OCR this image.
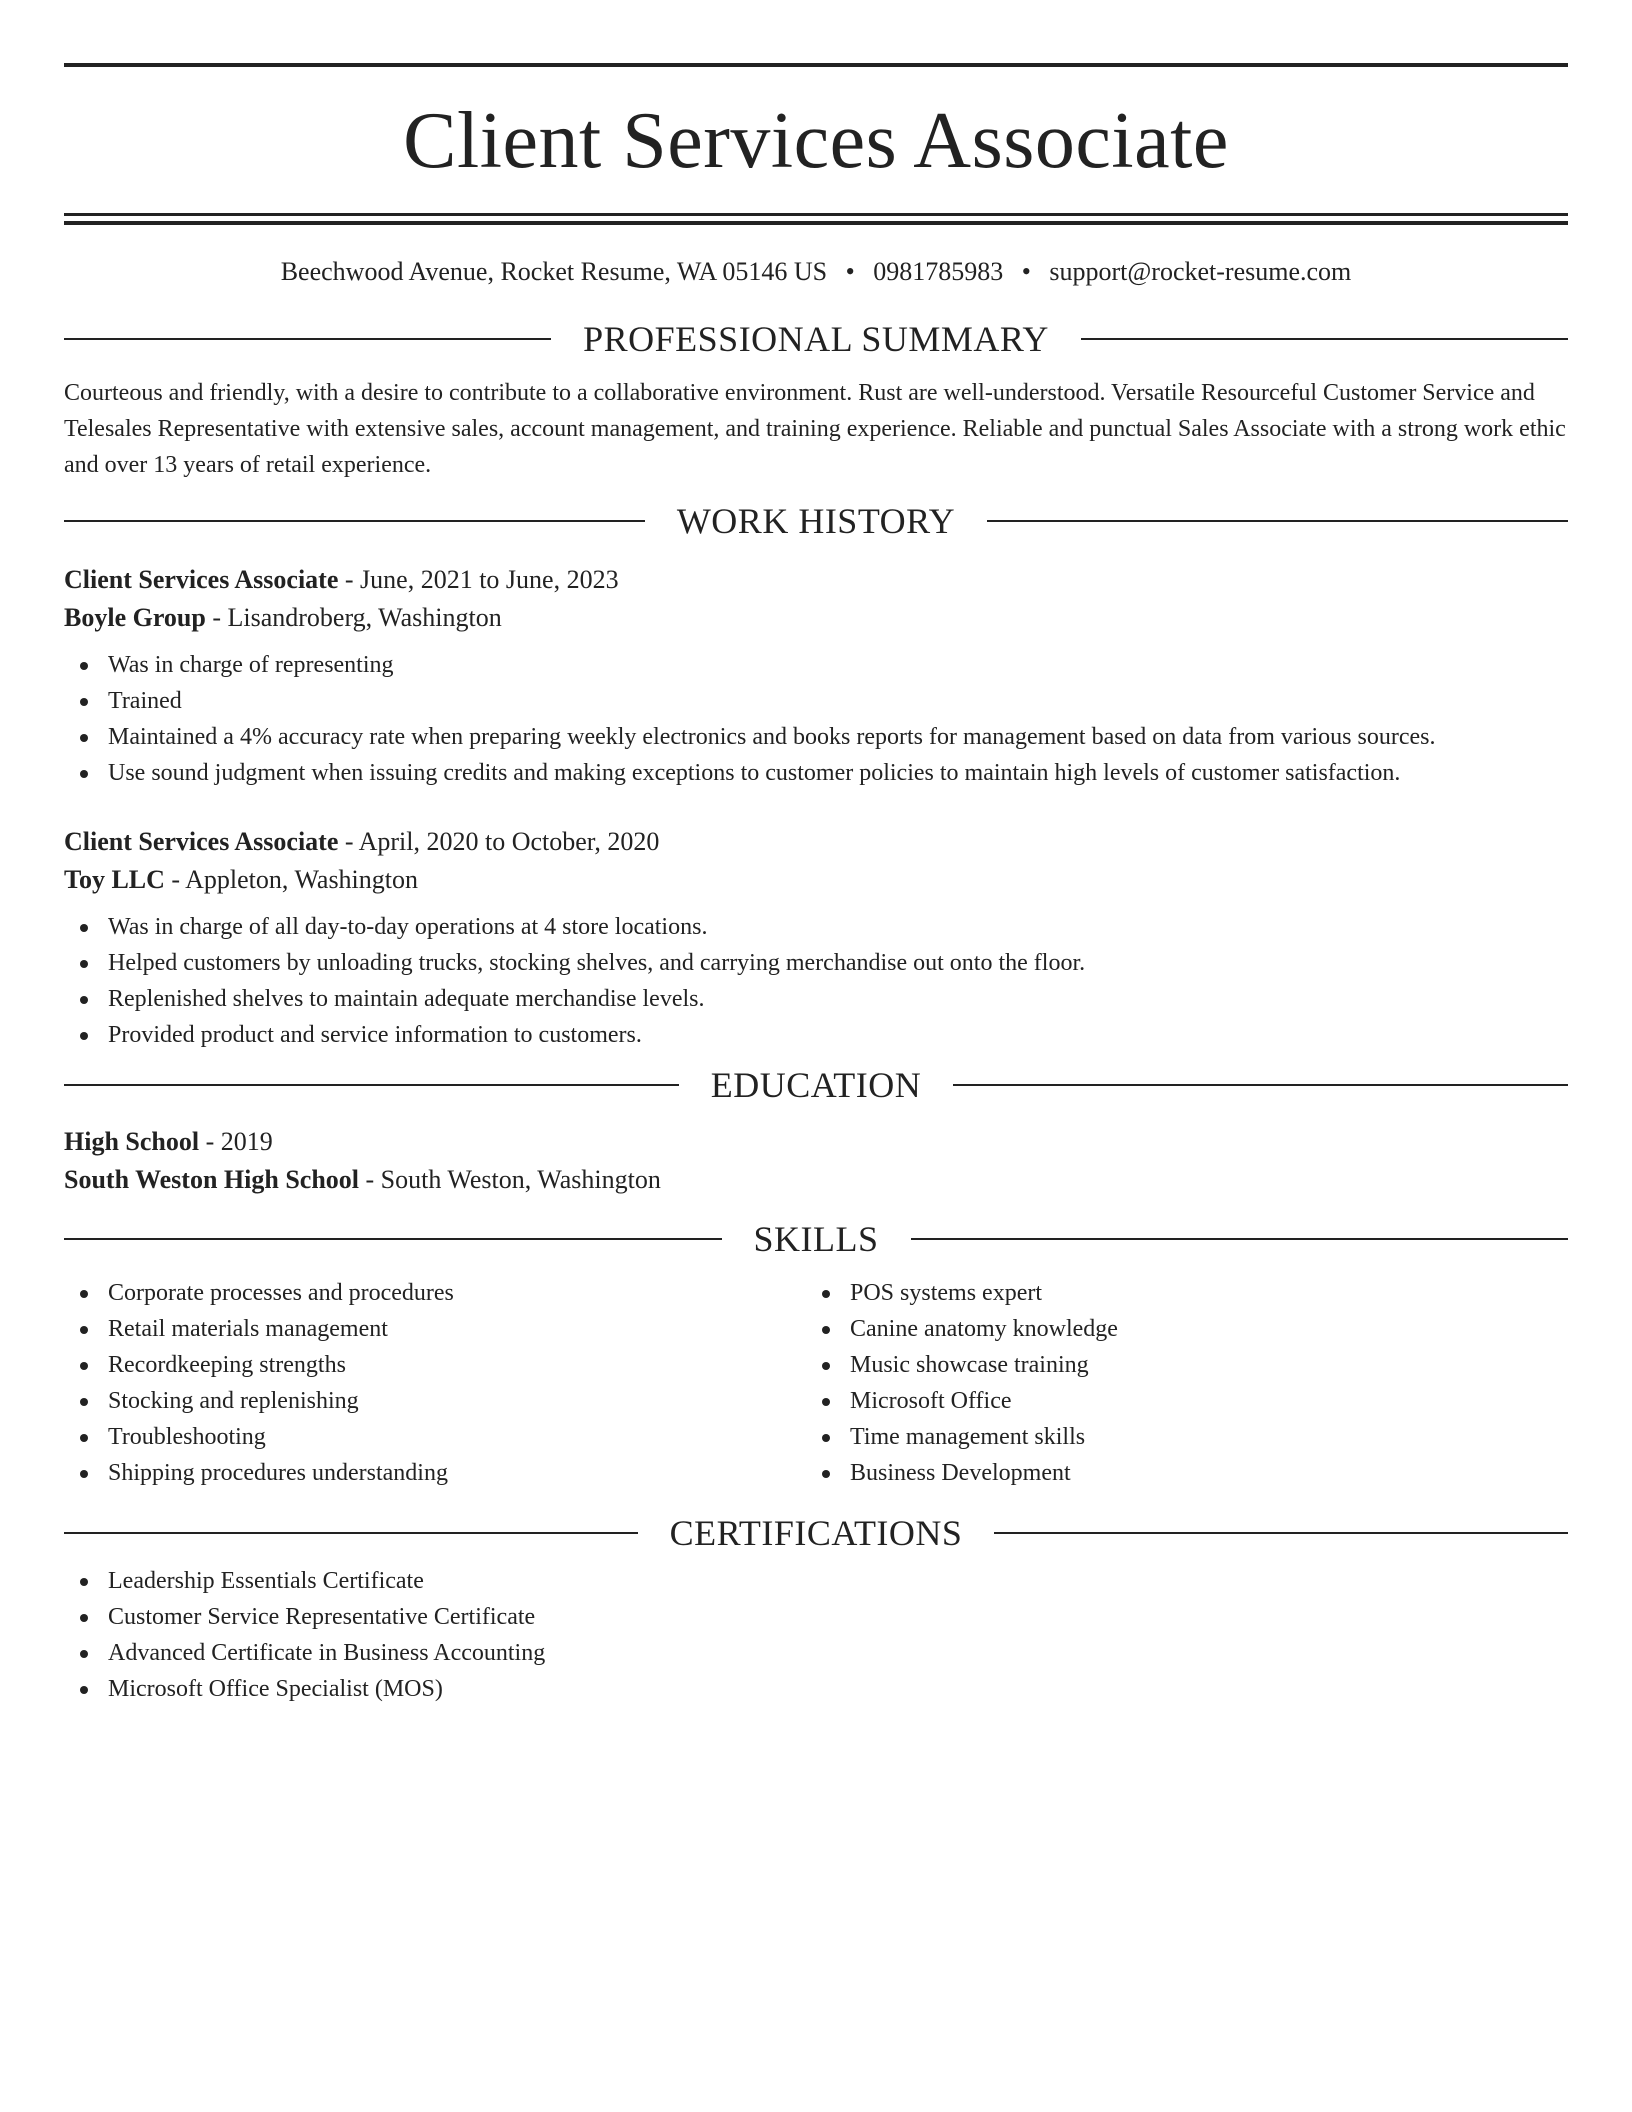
Client Services Associate
Beechwood Avenue, Rocket Resume, WA 05146 US • 0981785983 • support@rocket-resume.com
PROFESSIONAL SUMMARY
Courteous and friendly, with a desire to contribute to a collaborative environment. Rust are well-understood. Versatile Resourceful Customer Service and Telesales Representative with extensive sales, account management, and training experience. Reliable and punctual Sales Associate with a strong work ethic and over 13 years of retail experience.
WORK HISTORY
Client Services Associate - June, 2021 to June, 2023
Boyle Group - Lisandroberg, Washington
Was in charge of representing
Trained
Maintained a 4% accuracy rate when preparing weekly electronics and books reports for management based on data from various sources.
Use sound judgment when issuing credits and making exceptions to customer policies to maintain high levels of customer satisfaction.
Client Services Associate - April, 2020 to October, 2020
Toy LLC - Appleton, Washington
Was in charge of all day-to-day operations at 4 store locations.
Helped customers by unloading trucks, stocking shelves, and carrying merchandise out onto the floor.
Replenished shelves to maintain adequate merchandise levels.
Provided product and service information to customers.
EDUCATION
High School - 2019
South Weston High School - South Weston, Washington
SKILLS
Corporate processes and procedures
Retail materials management
Recordkeeping strengths
Stocking and replenishing
Troubleshooting
Shipping procedures understanding
POS systems expert
Canine anatomy knowledge
Music showcase training
Microsoft Office
Time management skills
Business Development
CERTIFICATIONS
Leadership Essentials Certificate
Customer Service Representative Certificate
Advanced Certificate in Business Accounting
Microsoft Office Specialist (MOS)
